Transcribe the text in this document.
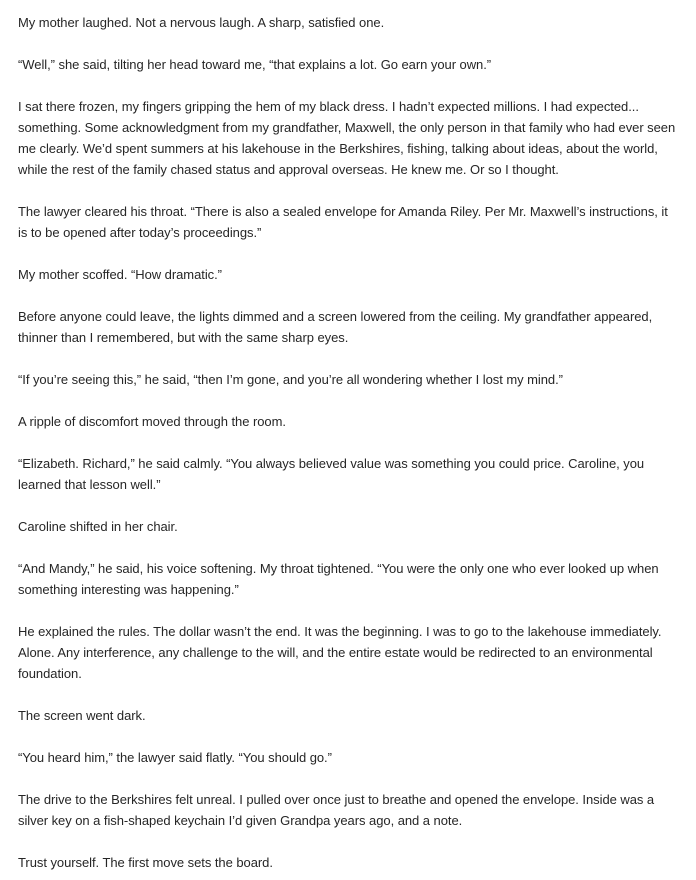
My mother laughed. Not a nervous laugh. A sharp, satisfied one.

“Well,” she said, tilting her head toward me, “that explains a lot. Go earn your own.”

I sat there frozen, my fingers gripping the hem of my black dress. I hadn’t expected millions. I had expected... something. Some acknowledgment from my grandfather, Maxwell, the only person in that family who had ever seen me clearly. We’d spent summers at his lakehouse in the Berkshires, fishing, talking about ideas, about the world, while the rest of the family chased status and approval overseas. He knew me. Or so I thought.

The lawyer cleared his throat. “There is also a sealed envelope for Amanda Riley. Per Mr. Maxwell’s instructions, it is to be opened after today’s proceedings.”

My mother scoffed. “How dramatic.”

Before anyone could leave, the lights dimmed and a screen lowered from the ceiling. My grandfather appeared, thinner than I remembered, but with the same sharp eyes.

“If you’re seeing this,” he said, “then I’m gone, and you’re all wondering whether I lost my mind.”

A ripple of discomfort moved through the room.

“Elizabeth. Richard,” he said calmly. “You always believed value was something you could price. Caroline, you learned that lesson well.”

Caroline shifted in her chair.

“And Mandy,” he said, his voice softening. My throat tightened. “You were the only one who ever looked up when something interesting was happening.”

He explained the rules. The dollar wasn’t the end. It was the beginning. I was to go to the lakehouse immediately. Alone. Any interference, any challenge to the will, and the entire estate would be redirected to an environmental foundation.

The screen went dark.

“You heard him,” the lawyer said flatly. “You should go.”

The drive to the Berkshires felt unreal. I pulled over once just to breathe and opened the envelope. Inside was a silver key on a fish-shaped keychain I’d given Grandpa years ago, and a note.

Trust yourself. The first move sets the board.
